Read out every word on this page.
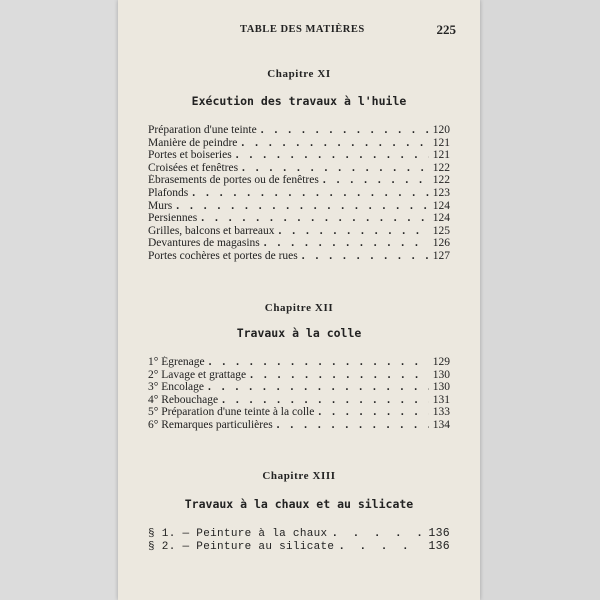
TABLE DES MATIÈRES	225
Chapitre XI
Exécution des travaux à l'huile
Préparation d'une teinte . . .	120
Manière de peindre . . .	121
Portes et boiseries . . .	121
Croisées et fenêtres . . .	122
Ébrasements de portes ou de fenêtres . . .	122
Plafonds . . .	123
Murs . . .	124
Persiennes . . .	124
Grilles, balcons et barreaux . . .	125
Devantures de magasins . . .	126
Portes cochères et portes de rues . . .	127
Chapitre XII
Travaux à la colle
1° Égrenage . . .	129
2° Lavage et grattage . . .	130
3° Encolage . . .	130
4° Rebouchage . . .	131
5° Préparation d'une teinte à la colle . . .	133
6° Remarques particulières . . .	134
Chapitre XIII
Travaux à la chaux et au silicate
§ 1. — Peinture à la chaux . . .	136
§ 2. — Peinture au silicate . . .	136
